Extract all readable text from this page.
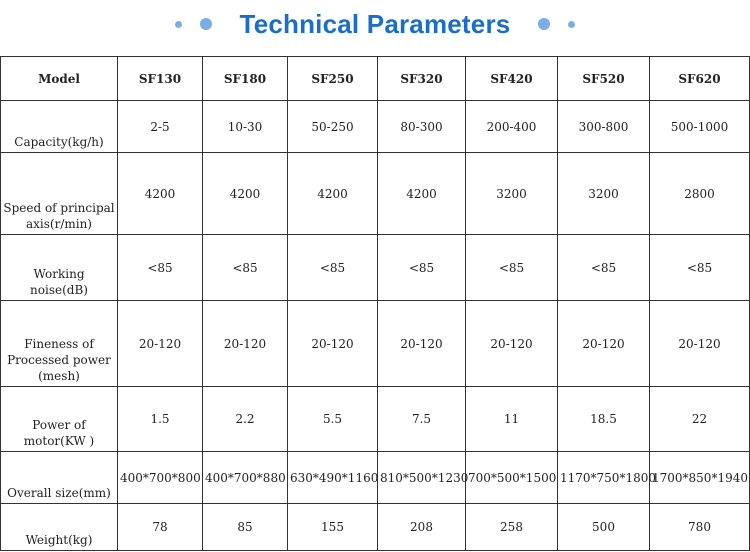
Technical Parameters
Model	SF130	SF180	SF250	SF320	SF420	SF520	SF620
Capacity(kg/h)	2-5	10-30	50-250	80-300	200-400	300-800	500-1000
Speed of principal axis(r/min)	4200	4200	4200	4200	3200	3200	2800
Working noise(dB)	<85	<85	<85	<85	<85	<85	<85
Fineness of Processed power (mesh)	20-120	20-120	20-120	20-120	20-120	20-120	20-120
Power of motor(KW )	1.5	2.2	5.5	7.5	11	18.5	22
Overall size(mm)	400*700*800	400*700*880	630*490*1160	810*500*1230	700*500*1500	1170*750*1800	1700*850*1940
Weight(kg)	78	85	155	208	258	500	780
